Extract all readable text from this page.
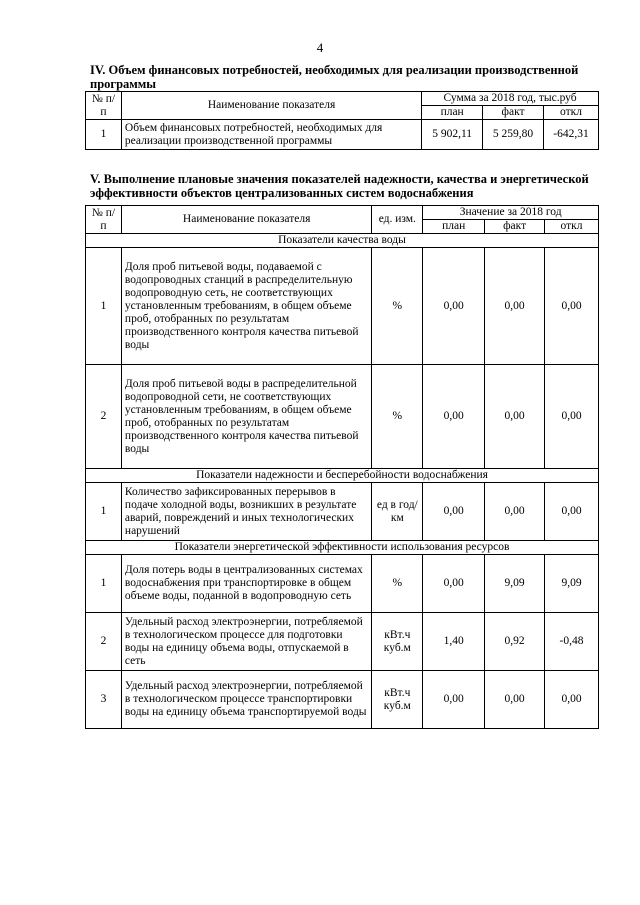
4
IV. Объем финансовых потребностей, необходимых для реализации производственной программы
№ п/п	Наименование показателя	Сумма за 2018 год, тыс.руб		
		план	факт	откл
1	Объем финансовых потребностей, необходимых для реализации производственной программы	5 902,11	5 259,80	-642,31
V. Выполнение плановые значения показателей надежности, качества и энергетической эффективности объектов централизованных систем водоснабжения
№ п/п	Наименование показателя	ед. изм.	Значение за 2018 год		
			план	факт	откл
Показатели качества воды					
1	Доля проб питьевой воды, подаваемой с водопроводных станций в распределительную водопроводную сеть, не соответствующих установленным требованиям, в общем объеме проб, отобранных по результатам производственного контроля качества питьевой воды	%	0,00	0,00	0,00
2	Доля проб питьевой воды в распределительной водопроводной сети, не соответствующих установленным требованиям, в общем объеме проб, отобранных по результатам производственного контроля качества питьевой воды	%	0,00	0,00	0,00
Показатели надежности и бесперебойности водоснабжения					
1	Количество зафиксированных перерывов в подаче холодной воды, возникших в результате аварий, повреждений и иных технологических нарушений	ед в год/ км	0,00	0,00	0,00
Показатели энергетической эффективности использования ресурсов					
1	Доля потерь воды в централизованных системах водоснабжения при транспортировке в общем объеме воды, поданной в водопроводную сеть	%	0,00	9,09	9,09
2	Удельный расход электроэнергии, потребляемой в технологическом процессе для подготовки воды на единицу объема воды, отпускаемой в сеть	кВт.ч куб.м	1,40	0,92	-0,48
3	Удельный расход электроэнергии, потребляемой в технологическом процессе транспортировки воды на единицу объема транспортируемой воды	кВт.ч куб.м	0,00	0,00	0,00
